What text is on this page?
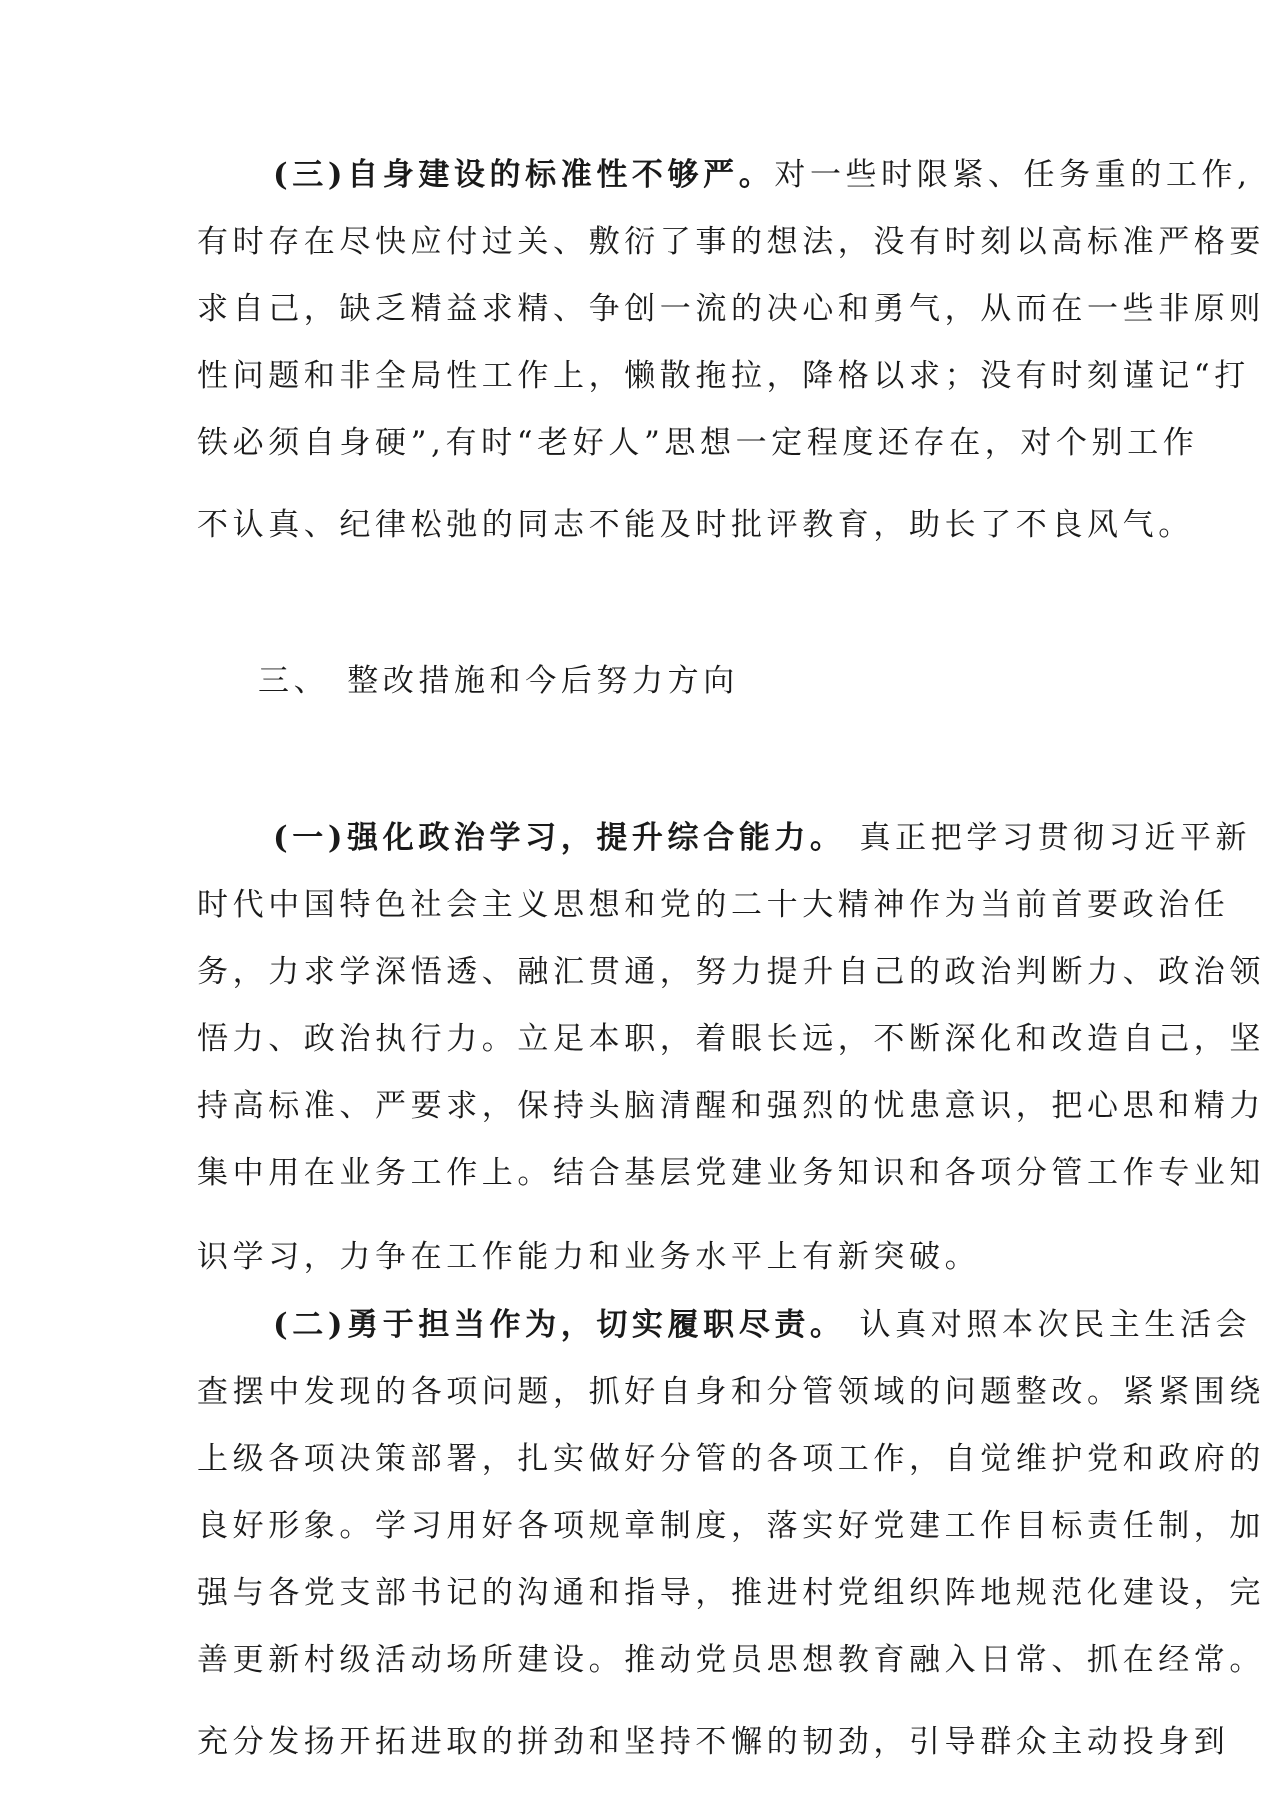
(三)自身建设的标准性不够严。对一些时限紧、任务重的工作,
有时存在尽快应付过关、敷衍了事的想法，没有时刻以高标准严格要
求自己，缺乏精益求精、争创一流的决心和勇气，从而在一些非原则
性问题和非全局性工作上，懒散拖拉，降格以求；没有时刻谨记“打
铁必须自身硬”,有时“老好人”思想一定程度还存在，对个别工作
不认真、纪律松弛的同志不能及时批评教育，助长了不良风气。
三、 整改措施和今后努力方向
(一)强化政治学习，提升综合能力。 真正把学习贯彻习近平新
时代中国特色社会主义思想和党的二十大精神作为当前首要政治任
务，力求学深悟透、融汇贯通，努力提升自己的政治判断力、政治领
悟力、政治执行力。立足本职，着眼长远，不断深化和改造自己，坚
持高标准、严要求，保持头脑清醒和强烈的忧患意识，把心思和精力
集中用在业务工作上。结合基层党建业务知识和各项分管工作专业知
识学习，力争在工作能力和业务水平上有新突破。
(二)勇于担当作为，切实履职尽责。 认真对照本次民主生活会
查摆中发现的各项问题，抓好自身和分管领域的问题整改。紧紧围绕
上级各项决策部署，扎实做好分管的各项工作，自觉维护党和政府的
良好形象。学习用好各项规章制度，落实好党建工作目标责任制，加
强与各党支部书记的沟通和指导，推进村党组织阵地规范化建设，完
善更新村级活动场所建设。推动党员思想教育融入日常、抓在经常。
充分发扬开拓进取的拼劲和坚持不懈的韧劲，引导群众主动投身到
